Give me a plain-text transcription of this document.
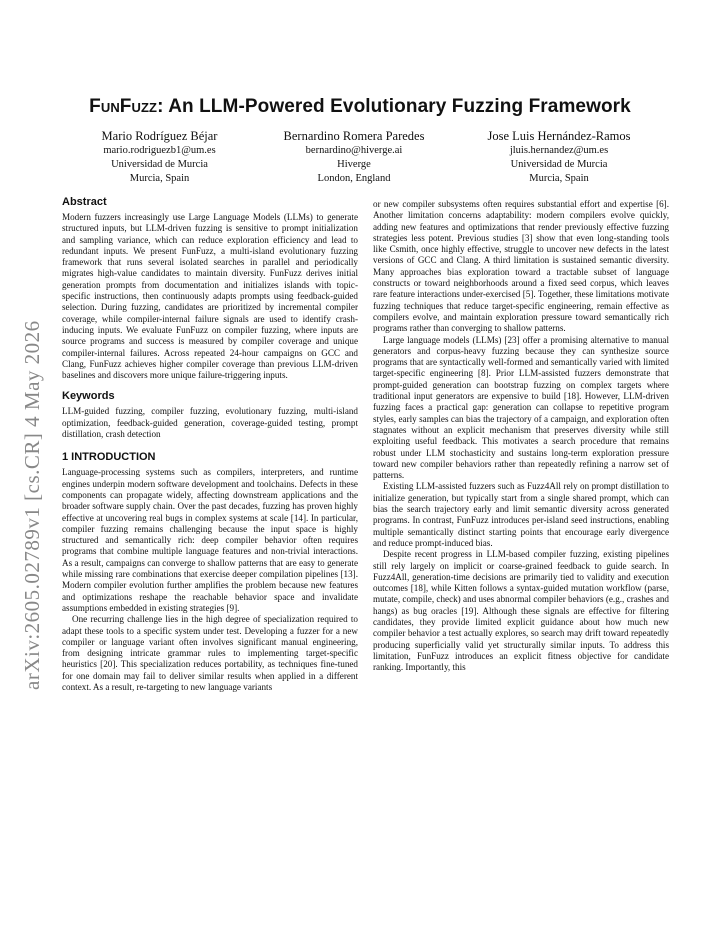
arXiv:2605.02789v1 [cs.CR] 4 May 2026
FunFuzz: An LLM-Powered Evolutionary Fuzzing Framework
Mario Rodríguez Béjar
mario.rodriguezb1@um.es
Universidad de Murcia
Murcia, Spain
Bernardino Romera Paredes
bernardino@hiverge.ai
Hiverge
London, England
Jose Luis Hernández-Ramos
jluis.hernandez@um.es
Universidad de Murcia
Murcia, Spain
Abstract

Modern fuzzers increasingly use Large Language Models (LLMs) to generate structured inputs, but LLM-driven fuzzing is sensitive to prompt initialization and sampling variance, which can reduce exploration efficiency and lead to redundant inputs. We present FunFuzz, a multi-island evolutionary fuzzing framework that runs several isolated searches in parallel and periodically migrates high-value candidates to maintain diversity. FunFuzz derives initial generation prompts from documentation and initializes islands with topic-specific instructions, then continuously adapts prompts using feedback-guided selection. During fuzzing, candidates are prioritized by incremental compiler coverage, while compiler-internal failure signals are used to identify crash-inducing inputs. We evaluate FunFuzz on compiler fuzzing, where inputs are source programs and success is measured by compiler coverage and unique compiler-internal failures. Across repeated 24-hour campaigns on GCC and Clang, FunFuzz achieves higher compiler coverage than previous LLM-driven baselines and discovers more unique failure-triggering inputs.

Keywords

LLM-guided fuzzing, compiler fuzzing, evolutionary fuzzing, multi-island optimization, feedback-guided generation, coverage-guided testing, prompt distillation, crash detection

1 INTRODUCTION

Language-processing systems such as compilers, interpreters, and runtime engines underpin modern software development and toolchains. Defects in these components can propagate widely, affecting downstream applications and the broader software supply chain. Over the past decades, fuzzing has proven highly effective at uncovering real bugs in complex systems at scale [14]. In particular, compiler fuzzing remains challenging because the input space is highly structured and semantically rich: deep compiler behavior often requires programs that combine multiple language features and non-trivial interactions. As a result, campaigns can converge to shallow patterns that are easy to generate while missing rare combinations that exercise deeper compilation pipelines [13]. Modern compiler evolution further amplifies the problem because new features and optimizations reshape the reachable behavior space and invalidate assumptions embedded in existing strategies [9].

One recurring challenge lies in the high degree of specialization required to adapt these tools to a specific system under test. Developing a fuzzer for a new compiler or language variant often involves significant manual engineering, from designing intricate grammar rules to implementing target-specific heuristics [20]. This specialization reduces portability, as techniques fine-tuned for one domain may fail to deliver similar results when applied in a different context. As a result, re-targeting to new language variants

or new compiler subsystems often requires substantial effort and expertise [6]. Another limitation concerns adaptability: modern compilers evolve quickly, adding new features and optimizations that render previously effective fuzzing strategies less potent. Previous studies [3] show that even long-standing tools like Csmith, once highly effective, struggle to uncover new defects in the latest versions of GCC and Clang. A third limitation is sustained semantic diversity. Many approaches bias exploration toward a tractable subset of language constructs or toward neighborhoods around a fixed seed corpus, which leaves rare feature interactions under-exercised [5]. Together, these limitations motivate fuzzing techniques that reduce target-specific engineering, remain effective as compilers evolve, and maintain exploration pressure toward semantically rich programs rather than converging to shallow patterns.

Large language models (LLMs) [23] offer a promising alternative to manual generators and corpus-heavy fuzzing because they can synthesize source programs that are syntactically well-formed and semantically varied with limited target-specific engineering [8]. Prior LLM-assisted fuzzers demonstrate that prompt-guided generation can bootstrap fuzzing on complex targets where traditional input generators are expensive to build [18]. However, LLM-driven fuzzing faces a practical gap: generation can collapse to repetitive program styles, early samples can bias the trajectory of a campaign, and exploration often stagnates without an explicit mechanism that preserves diversity while still exploiting useful feedback. This motivates a search procedure that remains robust under LLM stochasticity and sustains long-term exploration pressure toward new compiler behaviors rather than repeatedly refining a narrow set of patterns.

Existing LLM-assisted fuzzers such as Fuzz4All rely on prompt distillation to initialize generation, but typically start from a single shared prompt, which can bias the search trajectory early and limit semantic diversity across generated programs. In contrast, FunFuzz introduces per-island seed instructions, enabling multiple semantically distinct starting points that encourage early divergence and reduce prompt-induced bias.

Despite recent progress in LLM-based compiler fuzzing, existing pipelines still rely largely on implicit or coarse-grained feedback to guide search. In Fuzz4All, generation-time decisions are primarily tied to validity and execution outcomes [18], while Kitten follows a syntax-guided mutation workflow (parse, mutate, compile, check) and uses abnormal compiler behaviors (e.g., crashes and hangs) as bug oracles [19]. Although these signals are effective for filtering candidates, they provide limited explicit guidance about how much new compiler behavior a test actually explores, so search may drift toward repeatedly producing superficially valid yet structurally similar inputs. To address this limitation, FunFuzz introduces an explicit fitness objective for candidate ranking. Importantly, this
